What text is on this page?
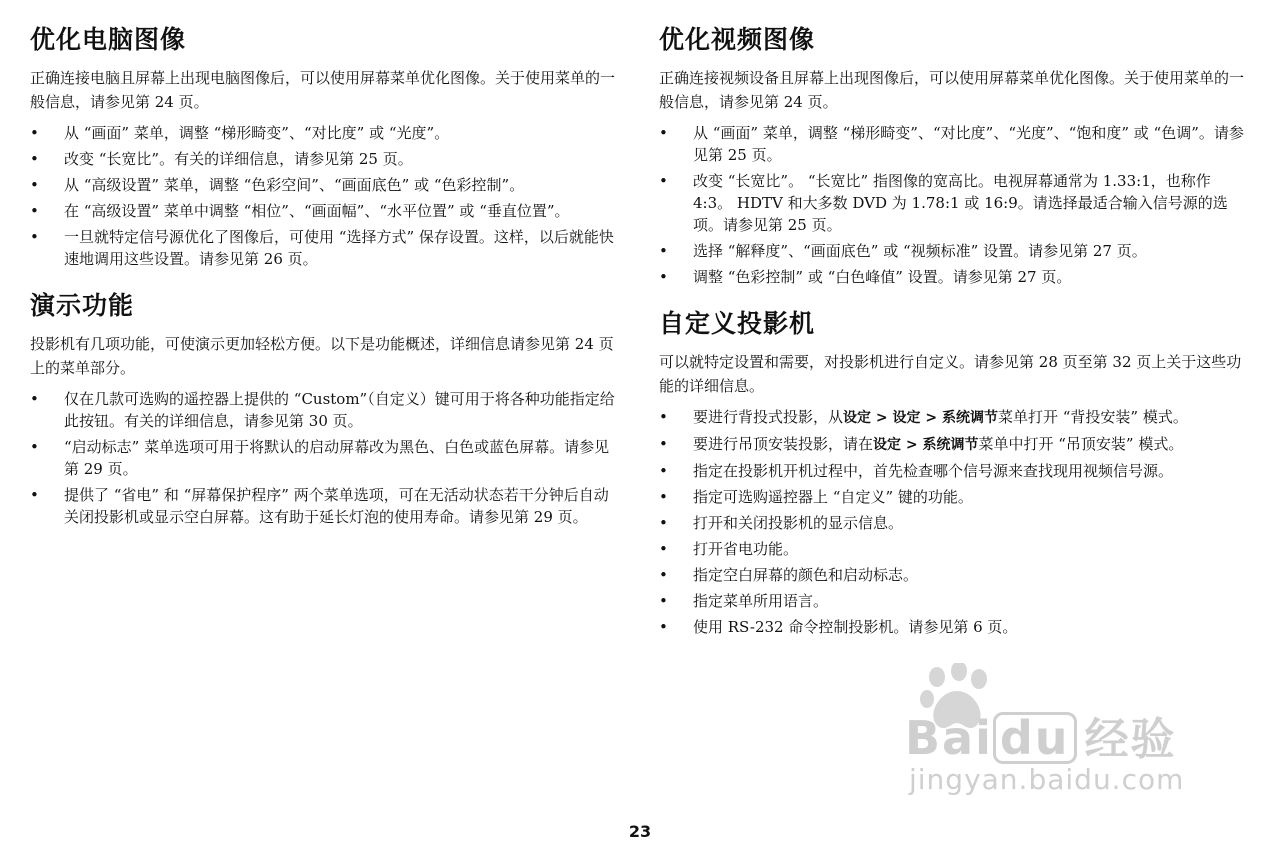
优化电脑图像

正确连接电脑且屏幕上出现电脑图像后，可以使用屏幕菜单优化图像。关于使用菜单的一般信息，请参见第 24 页。

• 从 “画面” 菜单，调整 “梯形畸变”、“对比度” 或 “光度”。
• 改变 “长宽比”。有关的详细信息，请参见第 25 页。
• 从 “高级设置” 菜单，调整 “色彩空间”、“画面底色” 或 “色彩控制”。
• 在 “高级设置” 菜单中调整 “相位”、“画面幅”、“水平位置” 或 “垂直位置”。
• 一旦就特定信号源优化了图像后，可使用 “选择方式” 保存设置。这样，以后就能快速地调用这些设置。请参见第 26 页。
演示功能

投影机有几项功能，可使演示更加轻松方便。以下是功能概述，详细信息请参见第 24 页上的菜单部分。

• 仅在几款可选购的遥控器上提供的 “Custom”（自定义）键可用于将各种功能指定给此按钮。有关的详细信息，请参见第 30 页。
• “启动标志” 菜单选项可用于将默认的启动屏幕改为黑色、白色或蓝色屏幕。请参见第 29 页。
• 提供了 “省电” 和 “屏幕保护程序” 两个菜单选项，可在无活动状态若干分钟后自动关闭投影机或显示空白屏幕。这有助于延长灯泡的使用寿命。请参见第 29 页。
优化视频图像

正确连接视频设备且屏幕上出现图像后，可以使用屏幕菜单优化图像。关于使用菜单的一般信息，请参见第 24 页。

• 从 “画面” 菜单，调整 “梯形畸变”、“对比度”、“光度”、“饱和度” 或 “色调”。请参见第 25 页。
• 改变 “长宽比”。 “长宽比” 指图像的宽高比。电视屏幕通常为 1.33:1，也称作 4:3。 HDTV 和大多数 DVD 为 1.78:1 或 16:9。请选择最适合输入信号源的选项。请参见第 25 页。
• 选择 “解释度”、“画面底色” 或 “视频标准” 设置。请参见第 27 页。
• 调整 “色彩控制” 或 “白色峰值” 设置。请参见第 27 页。
自定义投影机

可以就特定设置和需要，对投影机进行自定义。请参见第 28 页至第 32 页上关于这些功能的详细信息。

• 要进行背投式投影，从设定 > 设定 > 系统调节菜单打开 “背投安装” 模式。
• 要进行吊顶安装投影，请在设定 > 系统调节菜单中打开 “吊顶安装” 模式。
• 指定在投影机开机过程中，首先检查哪个信号源来查找现用视频信号源。
• 指定可选购遥控器上 “自定义” 键的功能。
• 打开和关闭投影机的显示信息。
• 打开省电功能。
• 指定空白屏幕的颜色和启动标志。
• 指定菜单所用语言。
• 使用 RS-232 命令控制投影机。请参见第 6 页。
Bai du 经验
jingyan.baidu.com
23
